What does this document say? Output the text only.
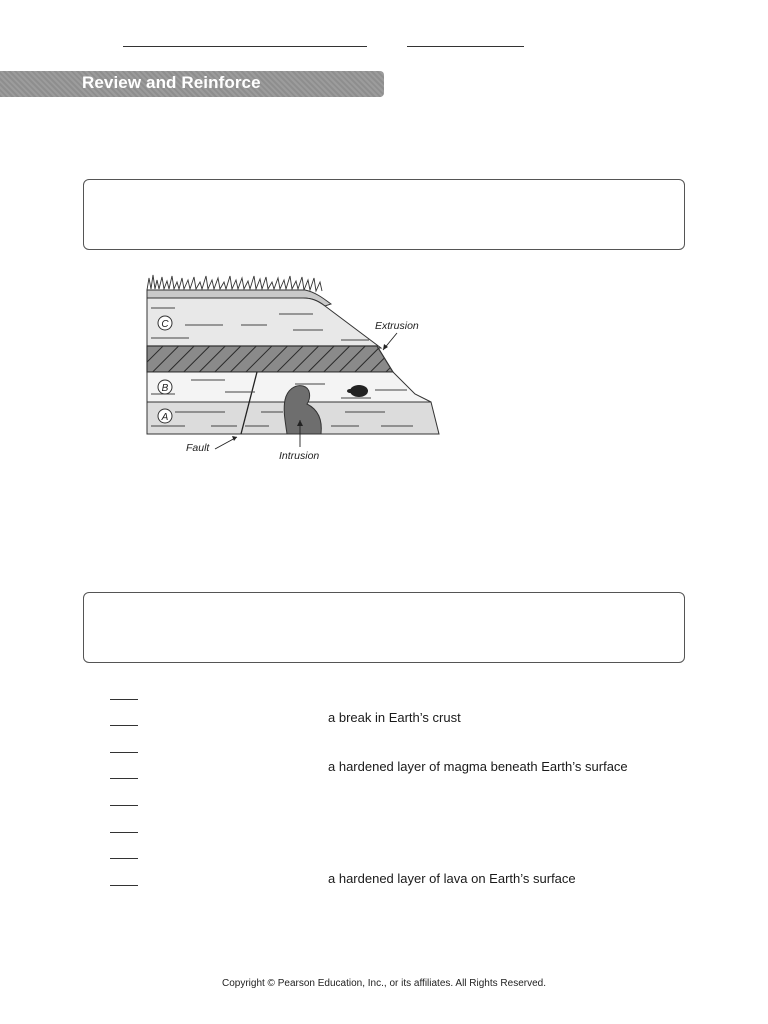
Review and Reinforce
C
B
A
Extrusion
Fault
Intrusion
a break in Earth’s crust
a hardened layer of magma beneath Earth’s surface
a hardened layer of lava on Earth’s surface
Copyright © Pearson Education, Inc., or its affiliates. All Rights Reserved.
